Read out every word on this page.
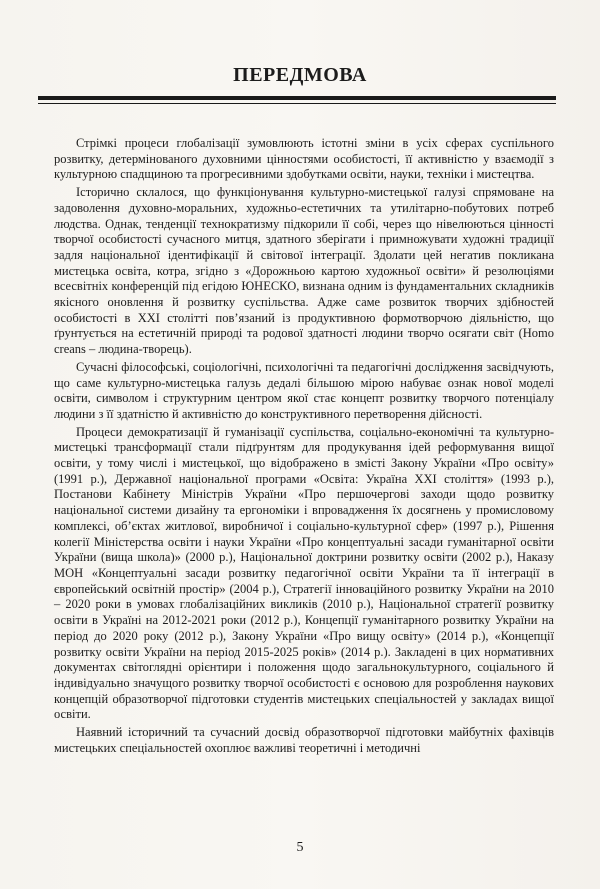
ПЕРЕДМОВА

Стрімкі процеси глобалізації зумовлюють істотні зміни в усіх сферах суспільного розвитку, детермінованого духовними цінностями особистості, її активністю у взаємодії з культурною спадщиною та прогресивними здобутками освіти, науки, техніки і мистецтва.

Історично склалося, що функціонування культурно-мистецької галузі спрямоване на задоволення духовно-моральних, художньо-естетичних та утилітарно-побутових потреб людства. Однак, тенденції технократизму підкорили її собі, через що нівелюються цінності творчої особистості сучасного митця, здатного зберігати і примножувати художні традиції задля національної ідентифікації й світової інтеграції. Здолати цей негатив покликана мистецька освіта, котра, згідно з «Дорожньою картою художньої освіти» й резолюціями всесвітніх конференцій під егідою ЮНЕСКО, визнана одним із фундаментальних складників якісного оновлення й розвитку суспільства. Адже саме розвиток творчих здібностей особистості в ХХІ столітті пов’язаний із продуктивною формотворчою діяльністю, що ґрунтується на естетичній природі та родової здатності людини творчо осягати світ (Homo creans – людина-творець).

Сучасні філософські, соціологічні, психологічні та педагогічні дослідження засвідчують, що саме культурно-мистецька галузь дедалі більшою мірою набуває ознак нової моделі освіти, символом і структурним центром якої стає концепт розвитку творчого потенціалу людини з її здатністю й активністю до конструктивного перетворення дійсності.

Процеси демократизації й гуманізації суспільства, соціально-економічні та культурно-мистецькі трансформації стали підґрунтям для продукування ідей реформування вищої освіти, у тому числі і мистецької, що відображено в змісті Закону України «Про освіту» (1991 р.), Державної національної програми «Освіта: Україна ХХІ століття» (1993 р.), Постанови Кабінету Міністрів України «Про першочергові заходи щодо розвитку національної системи дизайну та ергономіки і впровадження їх досягнень у промисловому комплексі, об’єктах житлової, виробничої і соціально-культурної сфер» (1997 р.), Рішення колегії Міністерства освіти і науки України «Про концептуальні засади гуманітарної освіти України (вища школа)» (2000 р.), Національної доктрини розвитку освіти (2002 р.), Наказу МОН «Концептуальні засади розвитку педагогічної освіти України та її інтеграції в європейський освітній простір» (2004 р.), Стратегії інноваційного розвитку України на 2010 – 2020 роки в умовах глобалізаційних викликів (2010 р.), Національної стратегії розвитку освіти в Україні на 2012-2021 роки (2012 р.), Концепції гуманітарного розвитку України на період до 2020 року (2012 р.), Закону України «Про вищу освіту» (2014 р.), «Концепції розвитку освіти України на період 2015-2025 років» (2014 р.). Закладені в цих нормативних документах світоглядні орієнтири і положення щодо загальнокультурного, соціального й індивідуально значущого розвитку творчої особистості є основою для розроблення наукових концепцій образотворчої підготовки студентів мистецьких спеціальностей у закладах вищої освіти.

Наявний історичний та сучасний досвід образотворчої підготовки майбутніх фахівців мистецьких спеціальностей охоплює важливі теоретичні і методичні

5
